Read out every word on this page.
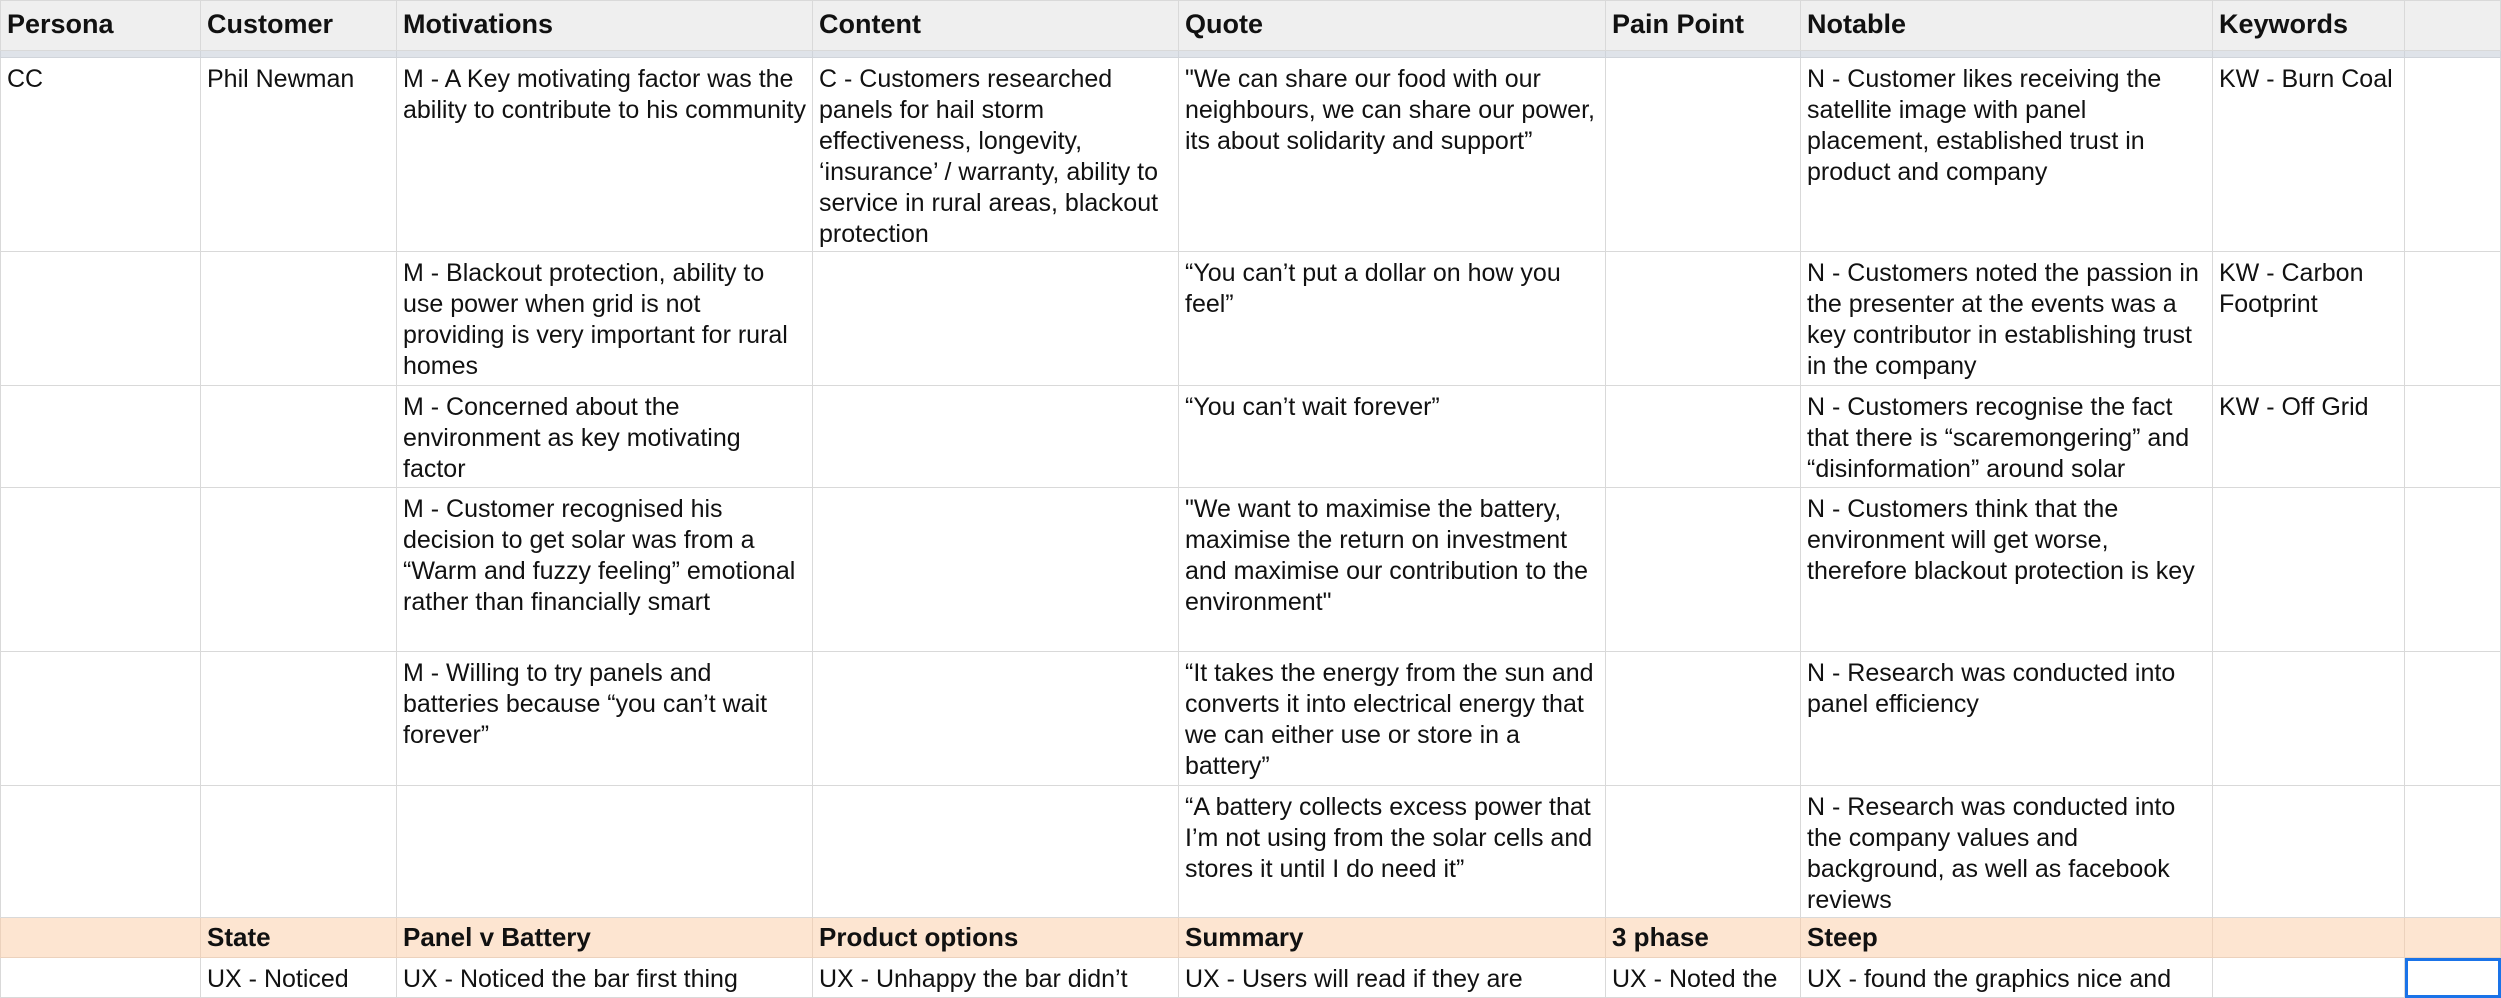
Persona	Customer	Motivations	Content	Quote	Pain Point	Notable	Keywords	

CC	Phil Newman	M - A Key motivating factor was the ability to contribute to his community	C - Customers researched panels for hail storm effectiveness, longevity, ‘insurance’ / warranty, ability to service in rural areas, blackout protection	"We can share our food with our neighbours, we can share our power, its about solidarity and support”		N - Customer likes receiving the satellite image with panel placement, established trust in product and company	KW - Burn Coal	
		M - Blackout protection, ability to use power when grid is not providing is very important for rural homes		“You can’t put a dollar on how you feel”		N - Customers noted the passion in the presenter at the events was a key contributor in establishing trust in the company	KW - Carbon Footprint	
		M - Concerned about the environment as key motivating factor		“You can’t wait forever”		N - Customers recognise the fact that there is “scaremongering” and “disinformation” around solar	KW - Off Grid	
		M - Customer recognised his decision to get solar was from a “Warm and fuzzy feeling” emotional rather than financially smart		"We want to maximise the battery, maximise the return on investment and maximise our contribution to the environment"		N - Customers think that the environment will get worse, therefore blackout protection is key		
		M - Willing to try panels and batteries because “you can’t wait forever”		“It takes the energy from the sun and converts it into electrical energy that we can either use or store in a battery”		N - Research was conducted into panel efficiency		
				“A battery collects excess power that I’m not using from the solar cells and stores it until I do need it”		N - Research was conducted into the company values and background, as well as facebook reviews		
	State	Panel v Battery	Product options	Summary	3 phase	Steep		
	UX - Noticed	UX - Noticed the bar first thing	UX - Unhappy the bar didn’t	UX - Users will read if they are	UX - Noted the	UX - found the graphics nice and		
